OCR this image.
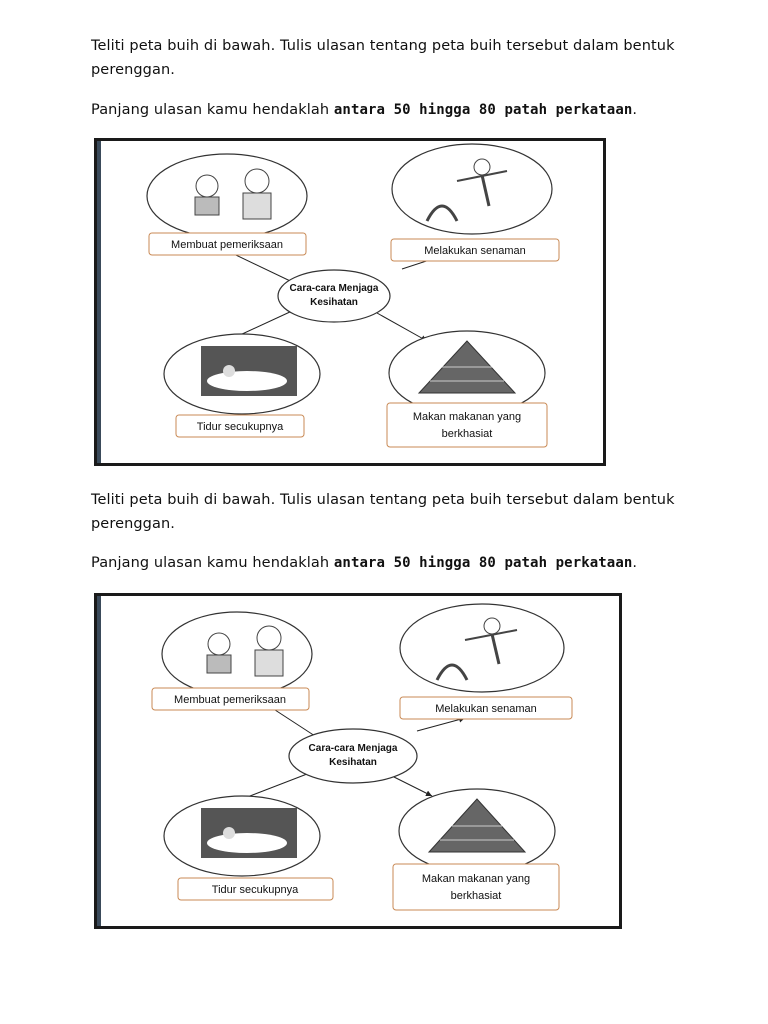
Teliti peta buih di bawah. Tulis ulasan tentang peta buih tersebut dalam bentuk perenggan.
Panjang ulasan kamu hendaklah antara 50 hingga 80 patah perkataan.
Membuat pemeriksaan	Melakukan senaman
Cara-cara Menjaga
Kesihatan
Tidur secukupnya
Makan makanan yang
berkhasiat
Teliti peta buih di bawah. Tulis ulasan tentang peta buih tersebut dalam bentuk perenggan.
Panjang ulasan kamu hendaklah antara 50 hingga 80 patah perkataan.
Membuat pemeriksaan
Melakukan senaman
Cara-cara Menjaga
Kesihatan
Tidur secukupnya
Makan makanan yang
berkhasiat
